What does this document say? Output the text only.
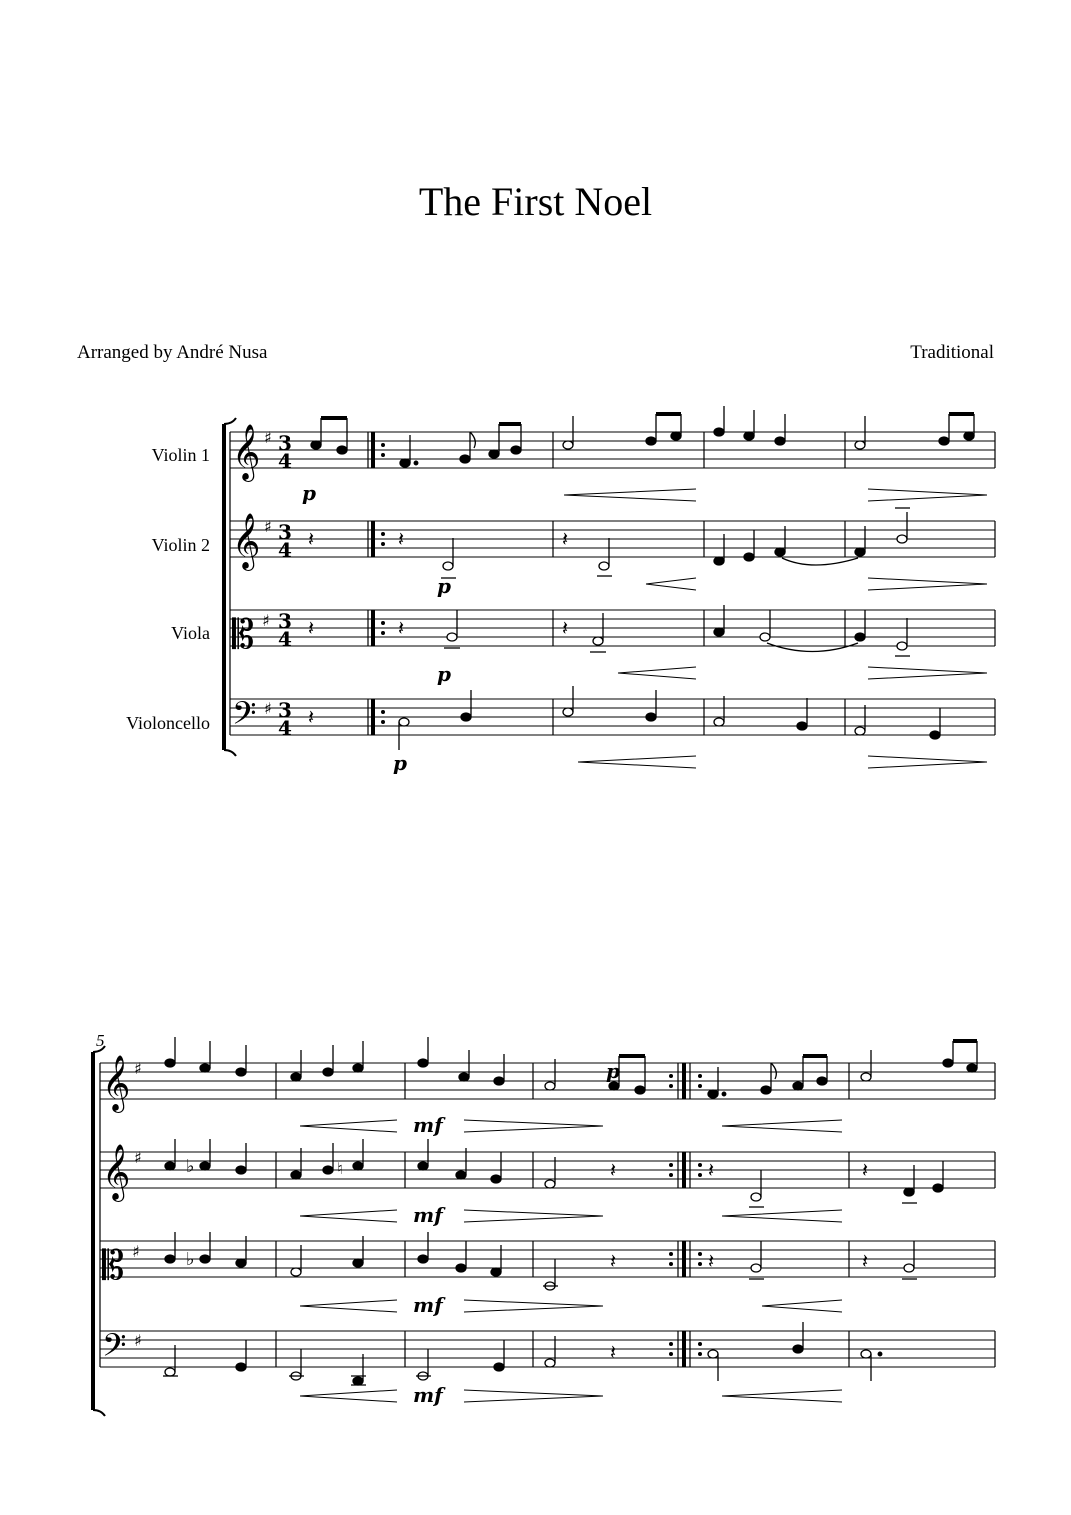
The First Noel
Arranged by André Nusa	Traditional
Violin 1
Violin 2
Viola
Violoncello
𝄞
𝄞
𝄡
𝄢
♯
♯
♯
♯
3
4
3
4
3
4
3
4
𝄽	𝄽	𝄽
𝄽	𝄽	𝄽
𝄽
p
p
p
p
𝄞
𝄞
𝄡
𝄢
♯
♯
♯
♯
♭	♮	𝄽	𝄽	𝄽
♭	𝄽	𝄽	𝄽
𝄽
5
mf
p
mf
mf
mf
